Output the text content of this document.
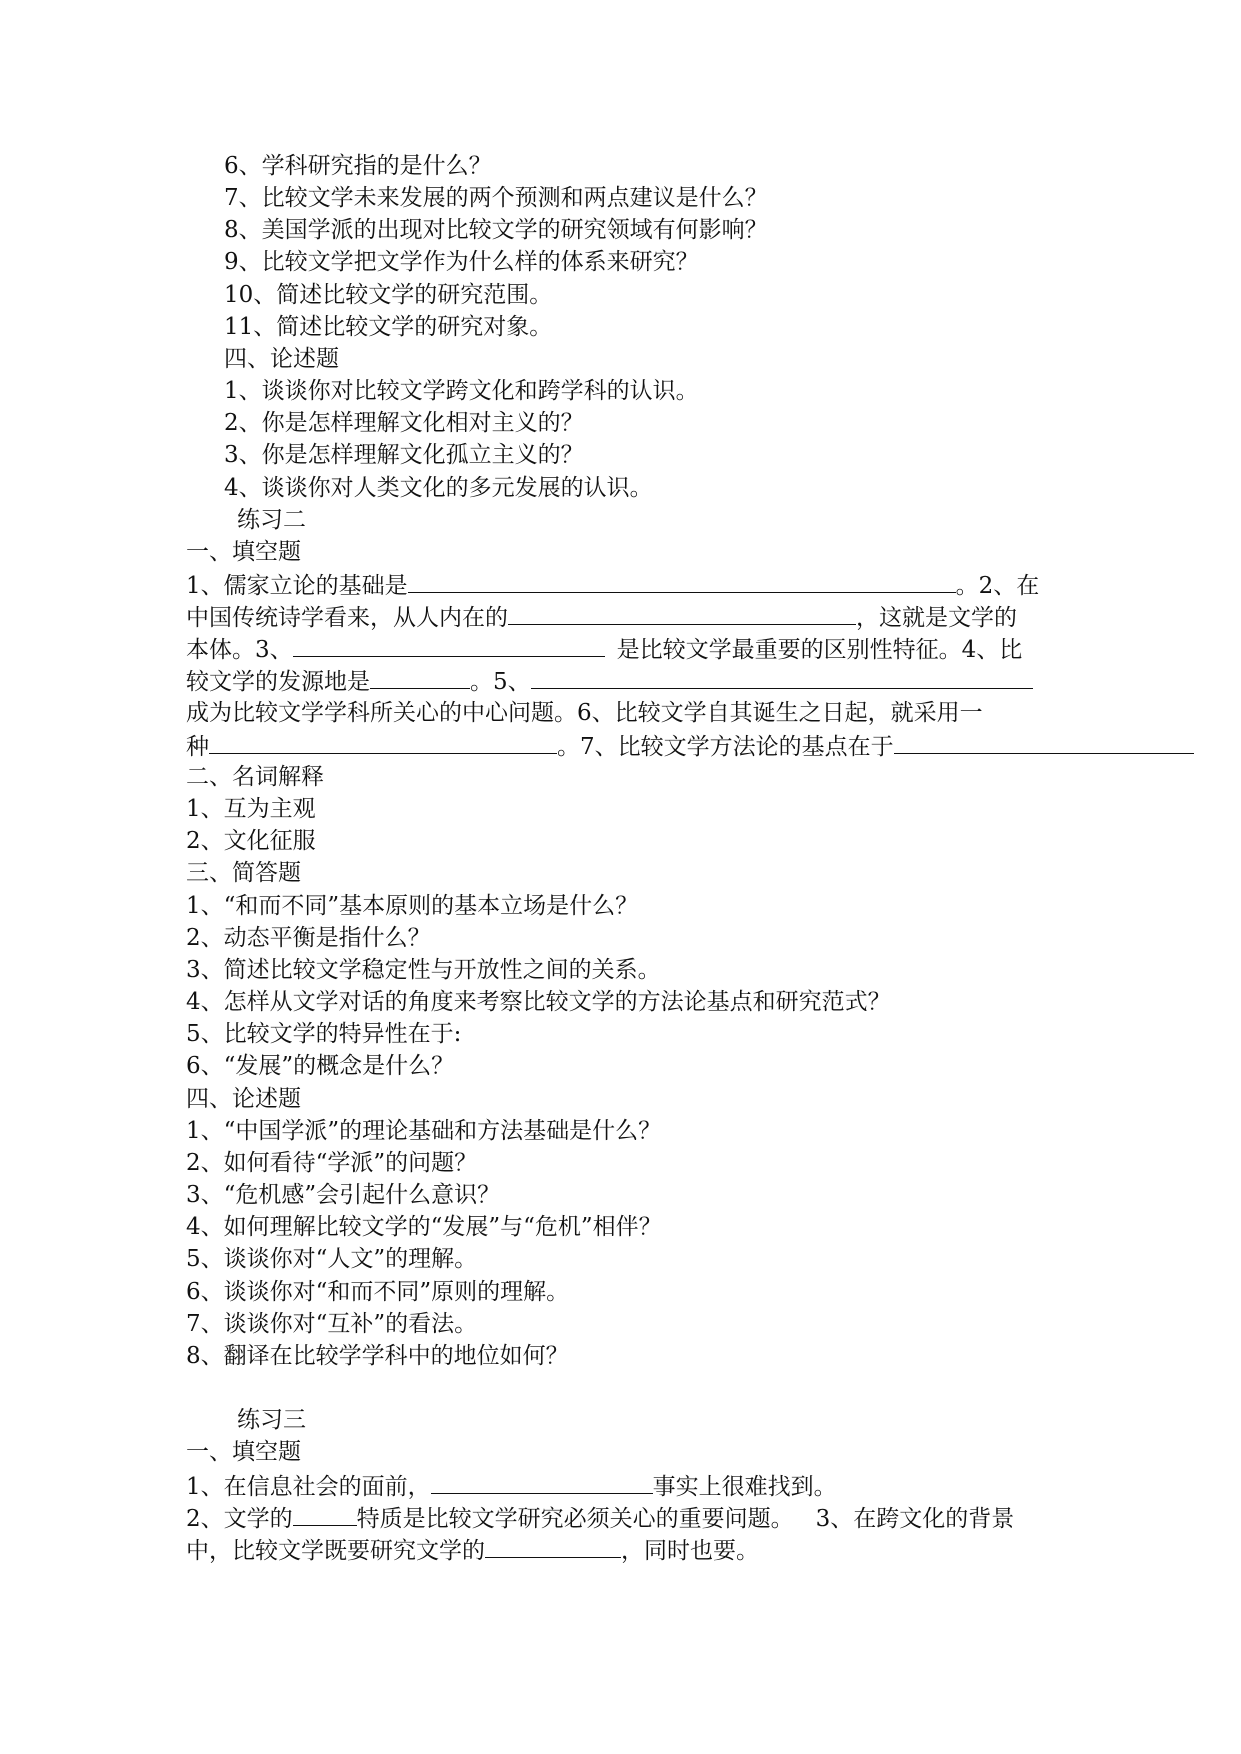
6、学科研究指的是什么？
7、比较文学未来发展的两个预测和两点建议是什么？
8、美国学派的出现对比较文学的研究领域有何影响？
9、比较文学把文学作为什么样的体系来研究？
10、简述比较文学的研究范围。
11、简述比较文学的研究对象。
四、论述题
1、谈谈你对比较文学跨文化和跨学科的认识。
2、你是怎样理解文化相对主义的？
3、你是怎样理解文化孤立主义的？
4、谈谈你对人类文化的多元发展的认识。
练习二
一、填空题
1、儒家立论的基础是	。2、在
中国传统诗学看来，从人内在的	，这就是文学的
本体。3、	是比较文学最重要的区别性特征。4、比
较文学的发源地是	。5、
成为比较文学学科所关心的中心问题。6、比较文学自其诞生之日起，就采用一
种	。7、比较文学方法论的基点在于
二、名词解释
1、互为主观
2、文化征服
三、简答题
1、“和而不同”基本原则的基本立场是什么？
2、动态平衡是指什么？
3、简述比较文学稳定性与开放性之间的关系。
4、怎样从文学对话的角度来考察比较文学的方法论基点和研究范式？
5、比较文学的特异性在于:
6、“发展”的概念是什么？
四、论述题
1、“中国学派”的理论基础和方法基础是什么？
2、如何看待“学派”的问题？
3、“危机感”会引起什么意识？
4、如何理解比较文学的“发展”与“危机”相伴？
5、谈谈你对“人文”的理解。
6、谈谈你对“和而不同”原则的理解。
7、谈谈你对“互补”的看法。
8、翻译在比较学学科中的地位如何？
练习三
一、填空题
1、在信息社会的面前，	事实上很难找到。
2、文学的	特质是比较文学研究必须关心的重要问题。 3、在跨文化的背景
中，比较文学既要研究文学的	，同时也要。
